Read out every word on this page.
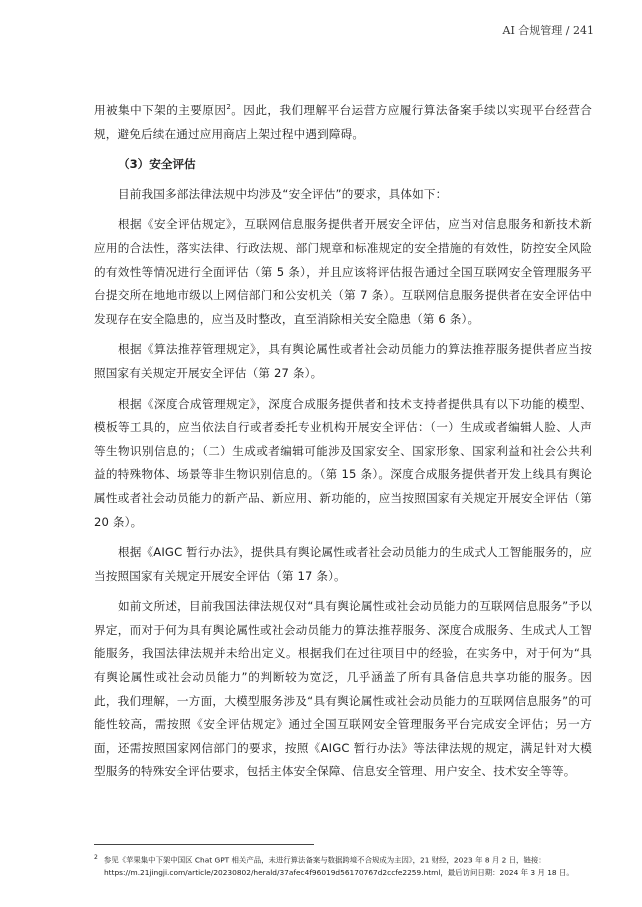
AI 合规管理 / 241

用被集中下架的主要原因$^2$。因此，我们理解平台运营方应履行算法备案手续以实现平台经营合规，避免后续在通过应用商店上架过程中遇到障碍。

（3）安全评估

目前我国多部法律法规中均涉及“安全评估”的要求，具体如下：

根据《安全评估规定》，互联网信息服务提供者开展安全评估，应当对信息服务和新技术新应用的合法性，落实法律、行政法规、部门规章和标准规定的安全措施的有效性，防控安全风险的有效性等情况进行全面评估（第 5 条），并且应该将评估报告通过全国互联网安全管理服务平台提交所在地地市级以上网信部门和公安机关（第 7 条）。互联网信息服务提供者在安全评估中发现存在安全隐患的，应当及时整改，直至消除相关安全隐患（第 6 条）。

根据《算法推荐管理规定》，具有舆论属性或者社会动员能力的算法推荐服务提供者应当按照国家有关规定开展安全评估（第 27 条）。

根据《深度合成管理规定》，深度合成服务提供者和技术支持者提供具有以下功能的模型、模板等工具的，应当依法自行或者委托专业机构开展安全评估：（一）生成或者编辑人脸、人声等生物识别信息的；（二）生成或者编辑可能涉及国家安全、国家形象、国家利益和社会公共利益的特殊物体、场景等非生物识别信息的。（第 15 条）。深度合成服务提供者开发上线具有舆论属性或者社会动员能力的新产品、新应用、新功能的，应当按照国家有关规定开展安全评估（第 20 条）。

根据《AIGC 暂行办法》，提供具有舆论属性或者社会动员能力的生成式人工智能服务的，应当按照国家有关规定开展安全评估（第 17 条）。

如前文所述，目前我国法律法规仅对“具有舆论属性或社会动员能力的互联网信息服务”予以界定，而对于何为具有舆论属性或社会动员能力的算法推荐服务、深度合成服务、生成式人工智能服务，我国法律法规并未给出定义。根据我们在过往项目中的经验，在实务中，对于何为“具有舆论属性或社会动员能力”的判断较为宽泛，几乎涵盖了所有具备信息共享功能的服务。因此，我们理解，一方面，大模型服务涉及“具有舆论属性或社会动员能力的互联网信息服务”的可能性较高，需按照《安全评估规定》通过全国互联网安全管理服务平台完成安全评估；另一方面，还需按照国家网信部门的要求，按照《AIGC 暂行办法》等法律法规的规定，满足针对大模型服务的特殊安全评估要求，包括主体安全保障、信息安全管理、用户安全、技术安全等等。

$^2$ 参见《苹果集中下架中国区 Chat GPT 相关产品，未进行算法备案与数据跨境不合规成为主因》，21 财经，2023 年 8 月 2 日，链接：
https://m.21jingji.com/article/20230802/herald/37afec4f96019d56170767d2ccfe2259.html，最后访问日期：2024 年 3 月 18 日。
